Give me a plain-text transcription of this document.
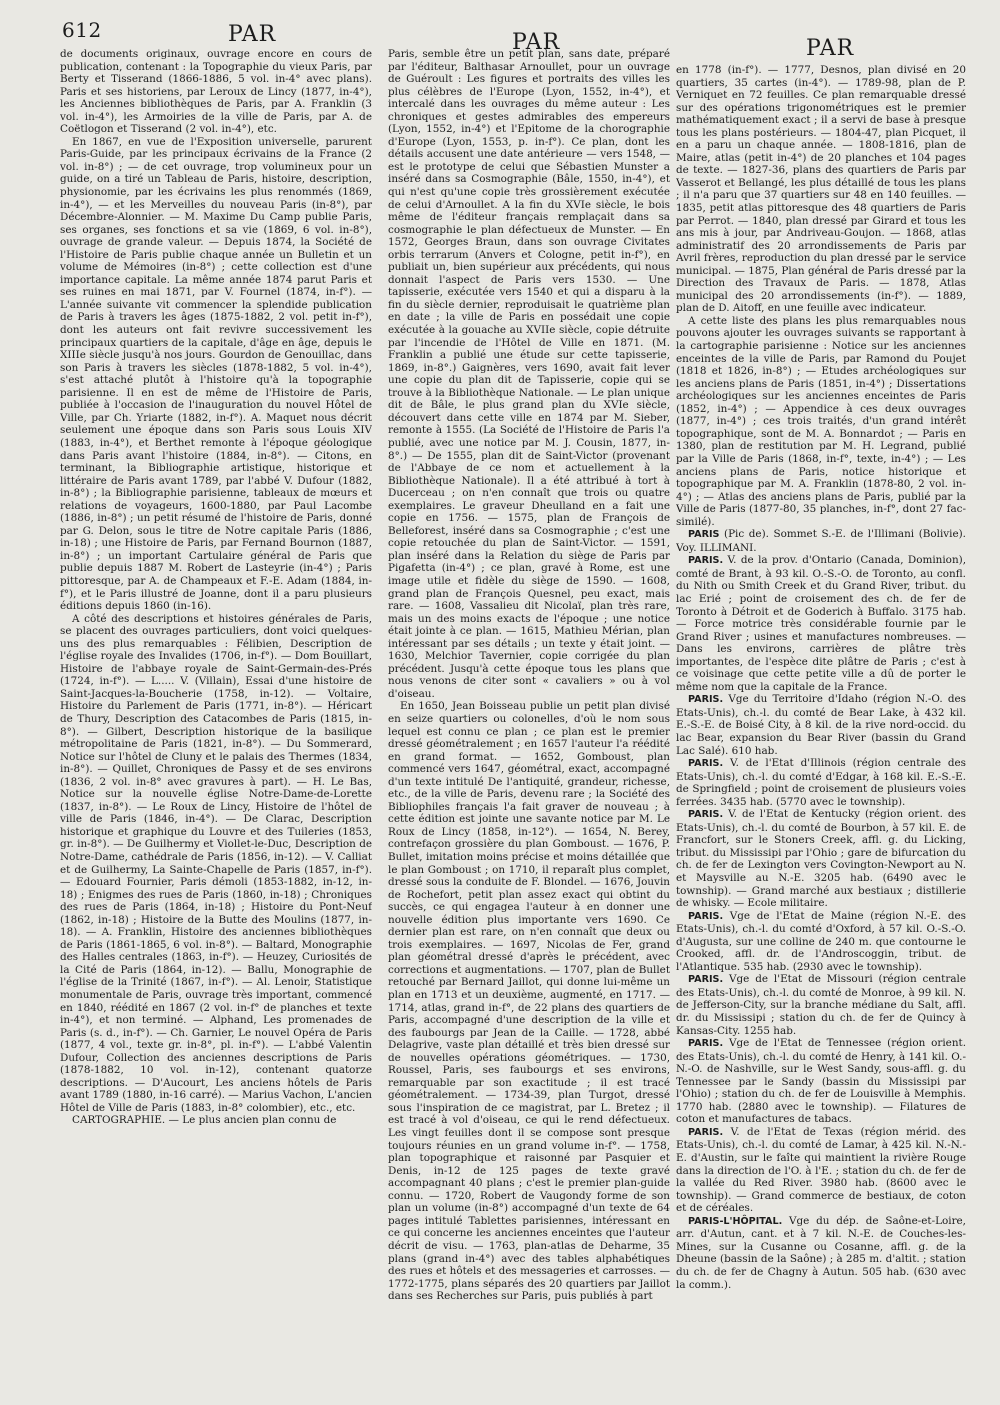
612	PAR	PAR	PAR

de documents originaux, ouvrage encore en cours de publication, contenant : la Topographie du vieux Paris, par Berty et Tisserand (1866-1886, 5 vol. in-4° avec plans). Paris et ses historiens, par Leroux de Lincy (1877, in-4°), les Anciennes bibliothèques de Paris, par A. Franklin (3 vol. in-4°), les Armoiries de la ville de Paris, par A. de Coëtlogon et Tisserand (2 vol. in-4°), etc.

En 1867, en vue de l'Exposition universelle, parurent Paris-Guide, par les principaux écrivains de la France (2 vol. in-8°) ; — de cet ouvrage, trop volumineux pour un guide, on a tiré un Tableau de Paris, histoire, description, physionomie, par les écrivains les plus renommés (1869, in-4°), — et les Merveilles du nouveau Paris (in-8°), par Décembre-Alonnier. — M. Maxime Du Camp publie Paris, ses organes, ses fonctions et sa vie (1869, 6 vol. in-8°), ouvrage de grande valeur. — Depuis 1874, la Société de l'Histoire de Paris publie chaque année un Bulletin et un volume de Mémoires (in-8°) ; cette collection est d'une importance capitale. La même année 1874 parut Paris et ses ruines en mai 1871, par V. Fournel (1874, in-f°). — L'année suivante vit commencer la splendide publication de Paris à travers les âges (1875-1882, 2 vol. petit in-f°), dont les auteurs ont fait revivre successivement les principaux quartiers de la capitale, d'âge en âge, depuis le XIIIe siècle jusqu'à nos jours. Gourdon de Genouillac, dans son Paris à travers les siècles (1878-1882, 5 vol. in-4°), s'est attaché plutôt à l'histoire qu'à la topographie parisienne. Il en est de même de l'Histoire de Paris, publiée à l'occasion de l'inauguration du nouvel Hôtel de Ville, par Ch. Yriarte (1882, in-f°). A. Maquet nous décrit seulement une époque dans son Paris sous Louis XIV (1883, in-4°), et Berthet remonte à l'époque géologique dans Paris avant l'histoire (1884, in-8°). — Citons, en terminant, la Bibliographie artistique, historique et littéraire de Paris avant 1789, par l'abbé V. Dufour (1882, in-8°) ; la Bibliographie parisienne, tableaux de mœurs et relations de voyageurs, 1600-1880, par Paul Lacombe (1886, in-8°) ; un petit résumé de l'histoire de Paris, donné par G. Delon, sous le titre de Notre capitale Paris (1886, in-18) ; une Histoire de Paris, par Fernand Bournon (1887, in-8°) ; un important Cartulaire général de Paris que publie depuis 1887 M. Robert de Lasteyrie (in-4°) ; Paris pittoresque, par A. de Champeaux et F.-E. Adam (1884, in-f°), et le Paris illustré de Joanne, dont il a paru plusieurs éditions depuis 1860 (in-16).

A côté des descriptions et histoires générales de Paris, se placent des ouvrages particuliers, dont voici quelques-uns des plus remarquables : Félibien, Description de l'église royale des Invalides (1706, in-f°). — Dom Bouillart, Histoire de l'abbaye royale de Saint-Germain-des-Prés (1724, in-f°). — L..... V. (Villain), Essai d'une histoire de Saint-Jacques-la-Boucherie (1758, in-12). — Voltaire, Histoire du Parlement de Paris (1771, in-8°). — Héricart de Thury, Description des Catacombes de Paris (1815, in-8°). — Gilbert, Description historique de la basilique métropolitaine de Paris (1821, in-8°). — Du Sommerard, Notice sur l'hôtel de Cluny et le palais des Thermes (1834, in-8°). — Quillet, Chroniques de Passy et de ses environs (1836, 2 vol. in-8° avec gravures à part). — H. Le Bas, Notice sur la nouvelle église Notre-Dame-de-Lorette (1837, in-8°). — Le Roux de Lincy, Histoire de l'hôtel de ville de Paris (1846, in-4°). — De Clarac, Description historique et graphique du Louvre et des Tuileries (1853, gr. in-8°). — De Guilhermy et Viollet-le-Duc, Description de Notre-Dame, cathédrale de Paris (1856, in-12). — V. Calliat et de Guilhermy, La Sainte-Chapelle de Paris (1857, in-f°). — Edouard Fournier, Paris démoli (1853-1882, in-12, in-18) ; Enigmes des rues de Paris (1860, in-18) ; Chroniques des rues de Paris (1864, in-18) ; Histoire du Pont-Neuf (1862, in-18) ; Histoire de la Butte des Moulins (1877, in-18). — A. Franklin, Histoire des anciennes bibliothèques de Paris (1861-1865, 6 vol. in-8°). — Baltard, Monographie des Halles centrales (1863, in-f°). — Heuzey, Curiosités de la Cité de Paris (1864, in-12). — Ballu, Monographie de l'église de la Trinité (1867, in-f°). — Al. Lenoir, Statistique monumentale de Paris, ouvrage très important, commencé en 1840, réédité en 1867 (2 vol. in-f° de planches et texte in-4°), et non terminé. — Alphand, Les promenades de Paris (s. d., in-f°). — Ch. Garnier, Le nouvel Opéra de Paris (1877, 4 vol., texte gr. in-8°, pl. in-f°). — L'abbé Valentin Dufour, Collection des anciennes descriptions de Paris (1878-1882, 10 vol. in-12), contenant quatorze descriptions. — D'Aucourt, Les anciens hôtels de Paris avant 1789 (1880, in-16 carré). — Marius Vachon, L'ancien Hôtel de Ville de Paris (1883, in-8° colombier), etc., etc.

CARTOGRAPHIE. — Le plus ancien plan connu de

Paris, semble être un petit plan, sans date, préparé par l'éditeur, Balthasar Arnoullet, pour un ouvrage de Guéroult : Les figures et portraits des villes les plus célèbres de l'Europe (Lyon, 1552, in-4°), et intercalé dans les ouvrages du même auteur : Les chroniques et gestes admirables des empereurs (Lyon, 1552, in-4°) et l'Epitome de la chorographie d'Europe (Lyon, 1553, p. in-f°). Ce plan, dont les détails accusent une date antérieure — vers 1548, — est le prototype de celui que Sébastien Munster a inséré dans sa Cosmographie (Bâle, 1550, in-4°), et qui n'est qu'une copie très grossièrement exécutée de celui d'Arnoullet. A la fin du XVIe siècle, le bois même de l'éditeur français remplaçait dans sa cosmographie le plan défectueux de Munster. — En 1572, Georges Braun, dans son ouvrage Civitates orbis terrarum (Anvers et Cologne, petit in-f°), en publiait un, bien supérieur aux précédents, qui nous donnait l'aspect de Paris vers 1530. — Une tapisserie, exécutée vers 1540 et qui a disparu à la fin du siècle dernier, reproduisait le quatrième plan en date ; la ville de Paris en possédait une copie exécutée à la gouache au XVIIe siècle, copie détruite par l'incendie de l'Hôtel de Ville en 1871. (M. Franklin a publié une étude sur cette tapisserie, 1869, in-8°.) Gaignères, vers 1690, avait fait lever une copie du plan dit de Tapisserie, copie qui se trouve à la Bibliothèque Nationale. — Le plan unique dit de Bâle, le plus grand plan du XVIe siècle, découvert dans cette ville en 1874 par M. Sieber, remonte à 1555. (La Société de l'Histoire de Paris l'a publié, avec une notice par M. J. Cousin, 1877, in-8°.) — De 1555, plan dit de Saint-Victor (provenant de l'Abbaye de ce nom et actuellement à la Bibliothèque Nationale). Il a été attribué à tort à Ducerceau ; on n'en connaît que trois ou quatre exemplaires. Le graveur Dheulland en a fait une copie en 1756. — 1575, plan de François de Belleforest, inséré dans sa Cosmographie ; c'est une copie retouchée du plan de Saint-Victor. — 1591, plan inséré dans la Relation du siège de Paris par Pigafetta (in-4°) ; ce plan, gravé à Rome, est une image utile et fidèle du siège de 1590. — 1608, grand plan de François Quesnel, peu exact, mais rare. — 1608, Vassalieu dit Nicolaï, plan très rare, mais un des moins exacts de l'époque ; une notice était jointe à ce plan. — 1615, Mathieu Mérian, plan intéressant par ses détails ; un texte y était joint. — 1630, Melchior Tavernier, copie corrigée du plan précédent. Jusqu'à cette époque tous les plans que nous venons de citer sont « cavaliers » ou à vol d'oiseau.

En 1650, Jean Boisseau publie un petit plan divisé en seize quartiers ou colonelles, d'où le nom sous lequel est connu ce plan ; ce plan est le premier dressé géométralement ; en 1657 l'auteur l'a réédité en grand format. — 1652, Gomboust, plan commencé vers 1647, géométral, exact, accompagné d'un texte intitulé De l'antiquité, grandeur, richesse, etc., de la ville de Paris, devenu rare ; la Société des Bibliophiles français l'a fait graver de nouveau ; à cette édition est jointe une savante notice par M. Le Roux de Lincy (1858, in-12°). — 1654, N. Berey, contrefaçon grossière du plan Gomboust. — 1676, P. Bullet, imitation moins précise et moins détaillée que le plan Gomboust ; on 1710, il reparaît plus complet, dressé sous la conduite de F. Blondel. — 1676, Jouvin de Rochefort, petit plan assez exact qui obtint du succès, ce qui engagea l'auteur à en donner une nouvelle édition plus importante vers 1690. Ce dernier plan est rare, on n'en connaît que deux ou trois exemplaires. — 1697, Nicolas de Fer, grand plan géométral dressé d'après le précédent, avec corrections et augmentations. — 1707, plan de Bullet retouché par Bernard Jaillot, qui donne lui-même un plan en 1713 et un deuxième, augmenté, en 1717. — 1714, atlas, grand in-f°, de 22 plans des quartiers de Paris, accompagné d'une description de la ville et des faubourgs par Jean de la Caille. — 1728, abbé Delagrive, vaste plan détaillé et très bien dressé sur de nouvelles opérations géométriques. — 1730, Roussel, Paris, ses faubourgs et ses environs, remarquable par son exactitude ; il est tracé géométralement. — 1734-39, plan Turgot, dressé sous l'inspiration de ce magistrat, par L. Bretez ; il est tracé à vol d'oiseau, ce qui le rend défectueux. Les vingt feuilles dont il se compose sont presque toujours réunies en un grand volume in-f°. — 1758, plan topographique et raisonné par Pasquier et Denis, in-12 de 125 pages de texte gravé accompagnant 40 plans ; c'est le premier plan-guide connu. — 1720, Robert de Vaugondy forme de son plan un volume (in-8°) accompagné d'un texte de 64 pages intitulé Tablettes parisiennes, intéressant en ce qui concerne les anciennes enceintes que l'auteur décrit de visu. — 1763, plan-atlas de Deharme, 35 plans (grand in-4°) avec des tables alphabétiques des rues et hôtels et des messageries et carrosses. — 1772-1775, plans séparés des 20 quartiers par Jaillot dans ses Recherches sur Paris, puis publiés à part

en 1778 (in-f°). — 1777, Desnos, plan divisé en 20 quartiers, 35 cartes (in-4°). — 1789-98, plan de P. Verniquet en 72 feuilles. Ce plan remarquable dressé sur des opérations trigonométriques est le premier mathématiquement exact ; il a servi de base à presque tous les plans postérieurs. — 1804-47, plan Picquet, il en a paru un chaque année. — 1808-1816, plan de Maire, atlas (petit in-4°) de 20 planches et 104 pages de texte. — 1827-36, plans des quartiers de Paris par Vasserot et Bellangé, les plus détaillé de tous les plans ; il n'a paru que 37 quartiers sur 48 en 140 feuilles. — 1835, petit atlas pittoresque des 48 quartiers de Paris par Perrot. — 1840, plan dressé par Girard et tous les ans mis à jour, par Andriveau-Goujon. — 1868, atlas administratif des 20 arrondissements de Paris par Avril frères, reproduction du plan dressé par le service municipal. — 1875, Plan général de Paris dressé par la Direction des Travaux de Paris. — 1878, Atlas municipal des 20 arrondissements (in-f°). — 1889, plan de D. Aitoff, en une feuille avec indicateur.

A cette liste des plans les plus remarquables nous pouvons ajouter les ouvrages suivants se rapportant à la cartographie parisienne : Notice sur les anciennes enceintes de la ville de Paris, par Ramond du Poujet (1818 et 1826, in-8°) ; — Etudes archéologiques sur les anciens plans de Paris (1851, in-4°) ; Dissertations archéologiques sur les anciennes enceintes de Paris (1852, in-4°) ; — Appendice à ces deux ouvrages (1877, in-4°) ; ces trois traités, d'un grand intérêt topographique, sont de M. A. Bonnardot ; — Paris en 1380, plan de restitution par M. H. Legrand, publié par la Ville de Paris (1868, in-f°, texte, in-4°) ; — Les anciens plans de Paris, notice historique et topographique par M. A. Franklin (1878-80, 2 vol. in-4°) ; — Atlas des anciens plans de Paris, publié par la Ville de Paris (1877-80, 35 planches, in-f°, dont 27 fac-similé).

PARIS (Pic de). Sommet S.-E. de l'Illimani (Bolivie). Voy. ILLIMANI.

PARIS. V. de la prov. d'Ontario (Canada, Dominion), comté de Brant, à 93 kil. O.-S.-O. de Toronto, au confl. du Nith ou Smith Creek et du Grand River, tribut. du lac Erié ; point de croisement des ch. de fer de Toronto à Détroit et de Goderich à Buffalo. 3175 hab. — Force motrice très considérable fournie par le Grand River ; usines et manufactures nombreuses. — Dans les environs, carrières de plâtre très importantes, de l'espèce dite plâtre de Paris ; c'est à ce voisinage que cette petite ville a dû de porter le même nom que la capitale de la France.

PARIS. Vge du Territoire d'Idaho (région N.-O. des Etats-Unis), ch.-l. du comté de Bear Lake, à 432 kil. E.-S.-E. de Boisé City, à 8 kil. de la rive nord-occid. du lac Bear, expansion du Bear River (bassin du Grand Lac Salé). 610 hab.

PARIS. V. de l'Etat d'Illinois (région centrale des Etats-Unis), ch.-l. du comté d'Edgar, à 168 kil. E.-S.-E. de Springfield ; point de croisement de plusieurs voies ferrées. 3435 hab. (5770 avec le township).

PARIS. V. de l'Etat de Kentucky (région orient. des Etats-Unis), ch.-l. du comté de Bourbon, à 57 kil. E. de Francfort, sur le Stoners Creek, affl. g. du Licking, tribut. du Mississipi par l'Ohio ; gare de bifurcation du ch. de fer de Lexington vers Covington-Newport au N. et Maysville au N.-E. 3205 hab. (6490 avec le township). — Grand marché aux bestiaux ; distillerie de whisky. — Ecole militaire.

PARIS. Vge de l'Etat de Maine (région N.-E. des Etats-Unis), ch.-l. du comté d'Oxford, à 57 kil. O.-S.-O. d'Augusta, sur une colline de 240 m. que contourne le Crooked, affl. dr. de l'Androscoggin, tribut. de l'Atlantique. 535 hab. (2930 avec le township).

PARIS. Vge de l'Etat de Missouri (région centrale des Etats-Unis), ch.-l. du comté de Monroe, à 99 kil. N. de Jefferson-City, sur la branche médiane du Salt, affl. dr. du Mississipi ; station du ch. de fer de Quincy à Kansas-City. 1255 hab.

PARIS. Vge de l'Etat de Tennessee (région orient. des Etats-Unis), ch.-l. du comté de Henry, à 141 kil. O.-N.-O. de Nashville, sur le West Sandy, sous-affl. g. du Tennessee par le Sandy (bassin du Mississipi par l'Ohio) ; station du ch. de fer de Louisville à Memphis. 1770 hab. (2880 avec le township). — Filatures de coton et manufactures de tabacs.

PARIS. V. de l'Etat de Texas (région mérid. des Etats-Unis), ch.-l. du comté de Lamar, à 425 kil. N.-N.-E. d'Austin, sur le faîte qui maintient la rivière Rouge dans la direction de l'O. à l'E. ; station du ch. de fer de la vallée du Red River. 3980 hab. (8600 avec le township). — Grand commerce de bestiaux, de coton et de céréales.

PARIS-L'HÔPITAL. Vge du dép. de Saône-et-Loire, arr. d'Autun, cant. et à 7 kil. N.-E. de Couches-les-Mines, sur la Cusanne ou Cosanne, affl. g. de la Dheune (bassin de la Saône) ; à 285 m. d'altit. ; station du ch. de fer de Chagny à Autun. 505 hab. (630 avec la comm.).
